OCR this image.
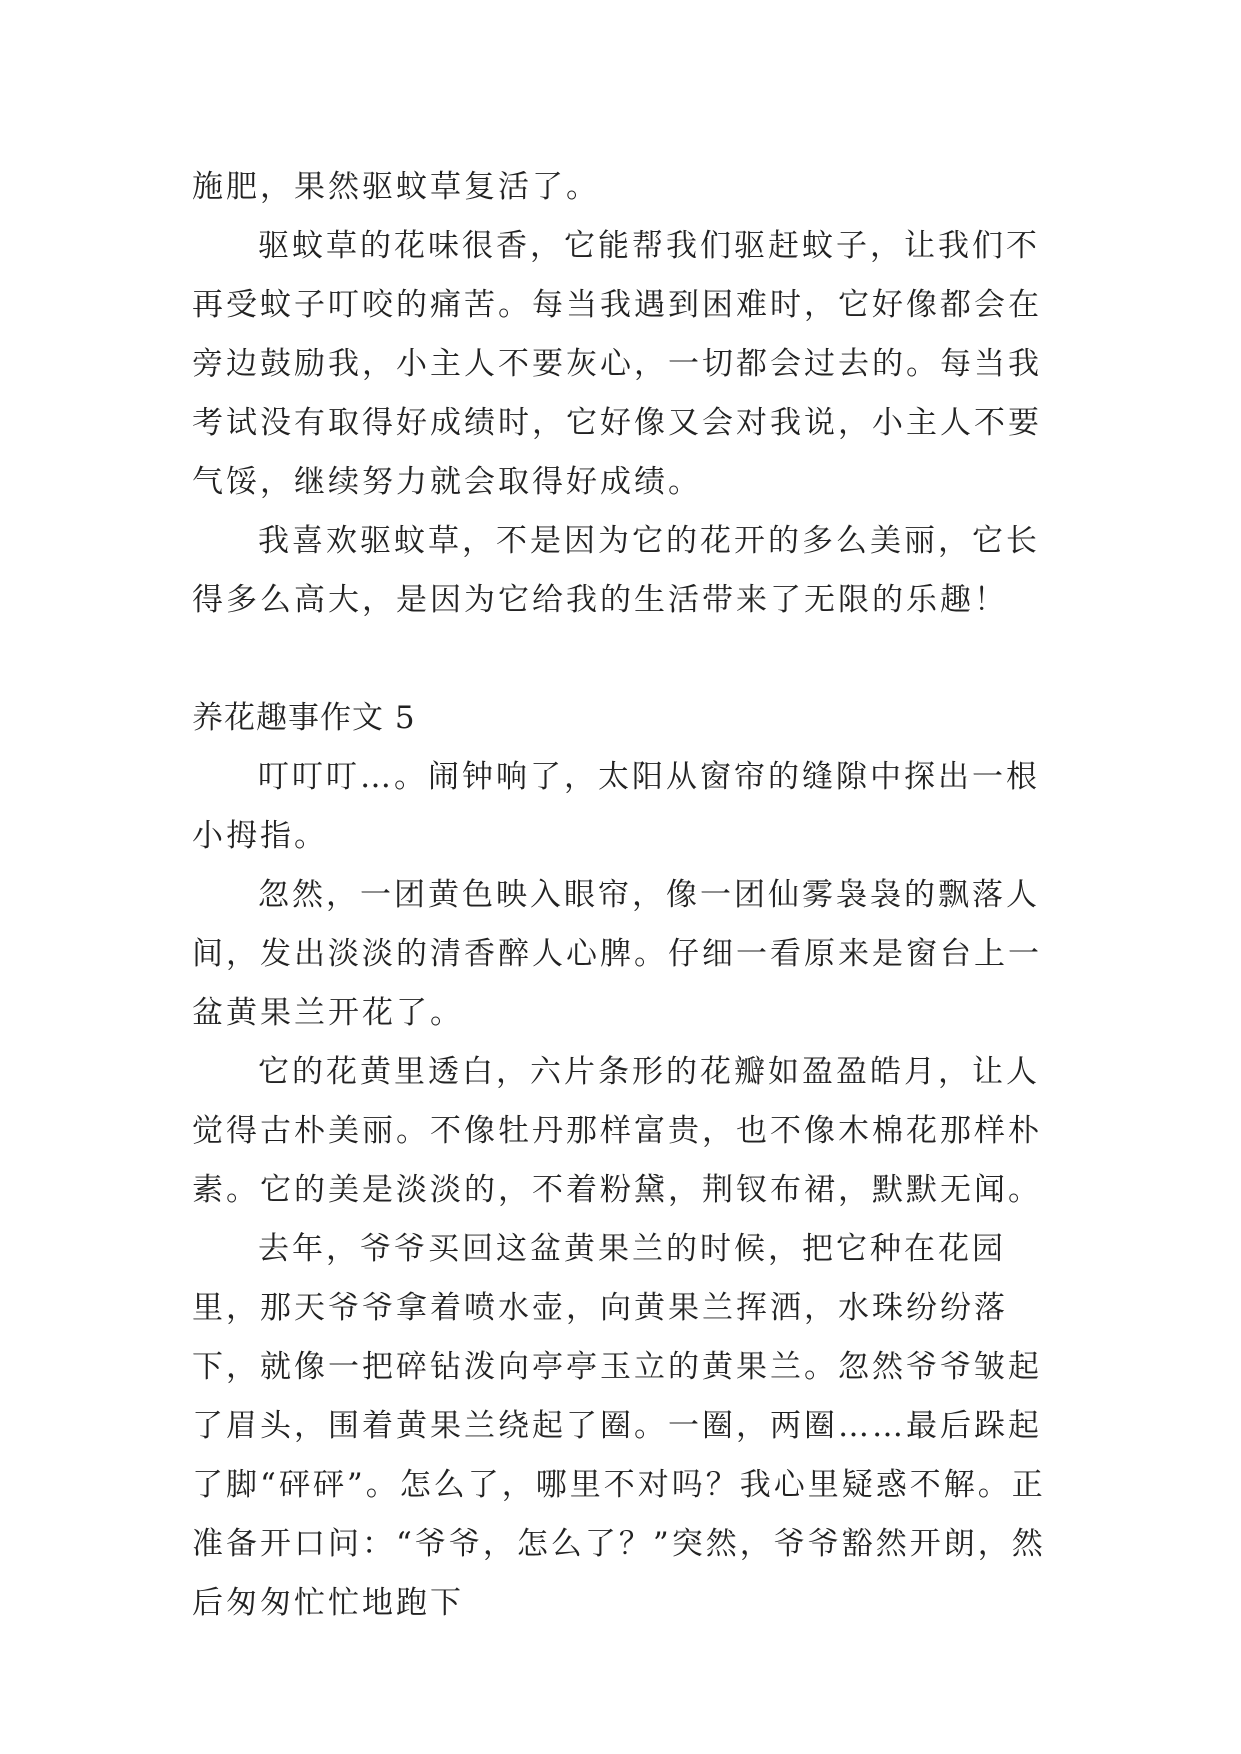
施肥，果然驱蚊草复活了。

驱蚊草的花味很香，它能帮我们驱赶蚊子，让我们不再受蚊子叮咬的痛苦。每当我遇到困难时，它好像都会在旁边鼓励我，小主人不要灰心，一切都会过去的。每当我考试没有取得好成绩时，它好像又会对我说，小主人不要气馁，继续努力就会取得好成绩。

我喜欢驱蚊草，不是因为它的花开的多么美丽，它长得多么高大，是因为它给我的生活带来了无限的乐趣！

养花趣事作文 5

叮叮叮…。闹钟响了，太阳从窗帘的缝隙中探出一根小拇指。

忽然，一团黄色映入眼帘，像一团仙雾袅袅的飘落人间，发出淡淡的清香醉人心脾。仔细一看原来是窗台上一盆黄果兰开花了。

它的花黄里透白，六片条形的花瓣如盈盈皓月，让人觉得古朴美丽。不像牡丹那样富贵，也不像木棉花那样朴素。它的美是淡淡的，不着粉黛，荆钗布裙，默默无闻。

去年，爷爷买回这盆黄果兰的时候，把它种在花园里，那天爷爷拿着喷水壶，向黄果兰挥洒，水珠纷纷落下，就像一把碎钻泼向亭亭玉立的黄果兰。忽然爷爷皱起了眉头，围着黄果兰绕起了圈。一圈，两圈……最后跺起了脚“砰砰”。怎么了，哪里不对吗？我心里疑惑不解。正准备开口问：“爷爷，怎么了？”突然，爷爷豁然开朗，然后匆匆忙忙地跑下
